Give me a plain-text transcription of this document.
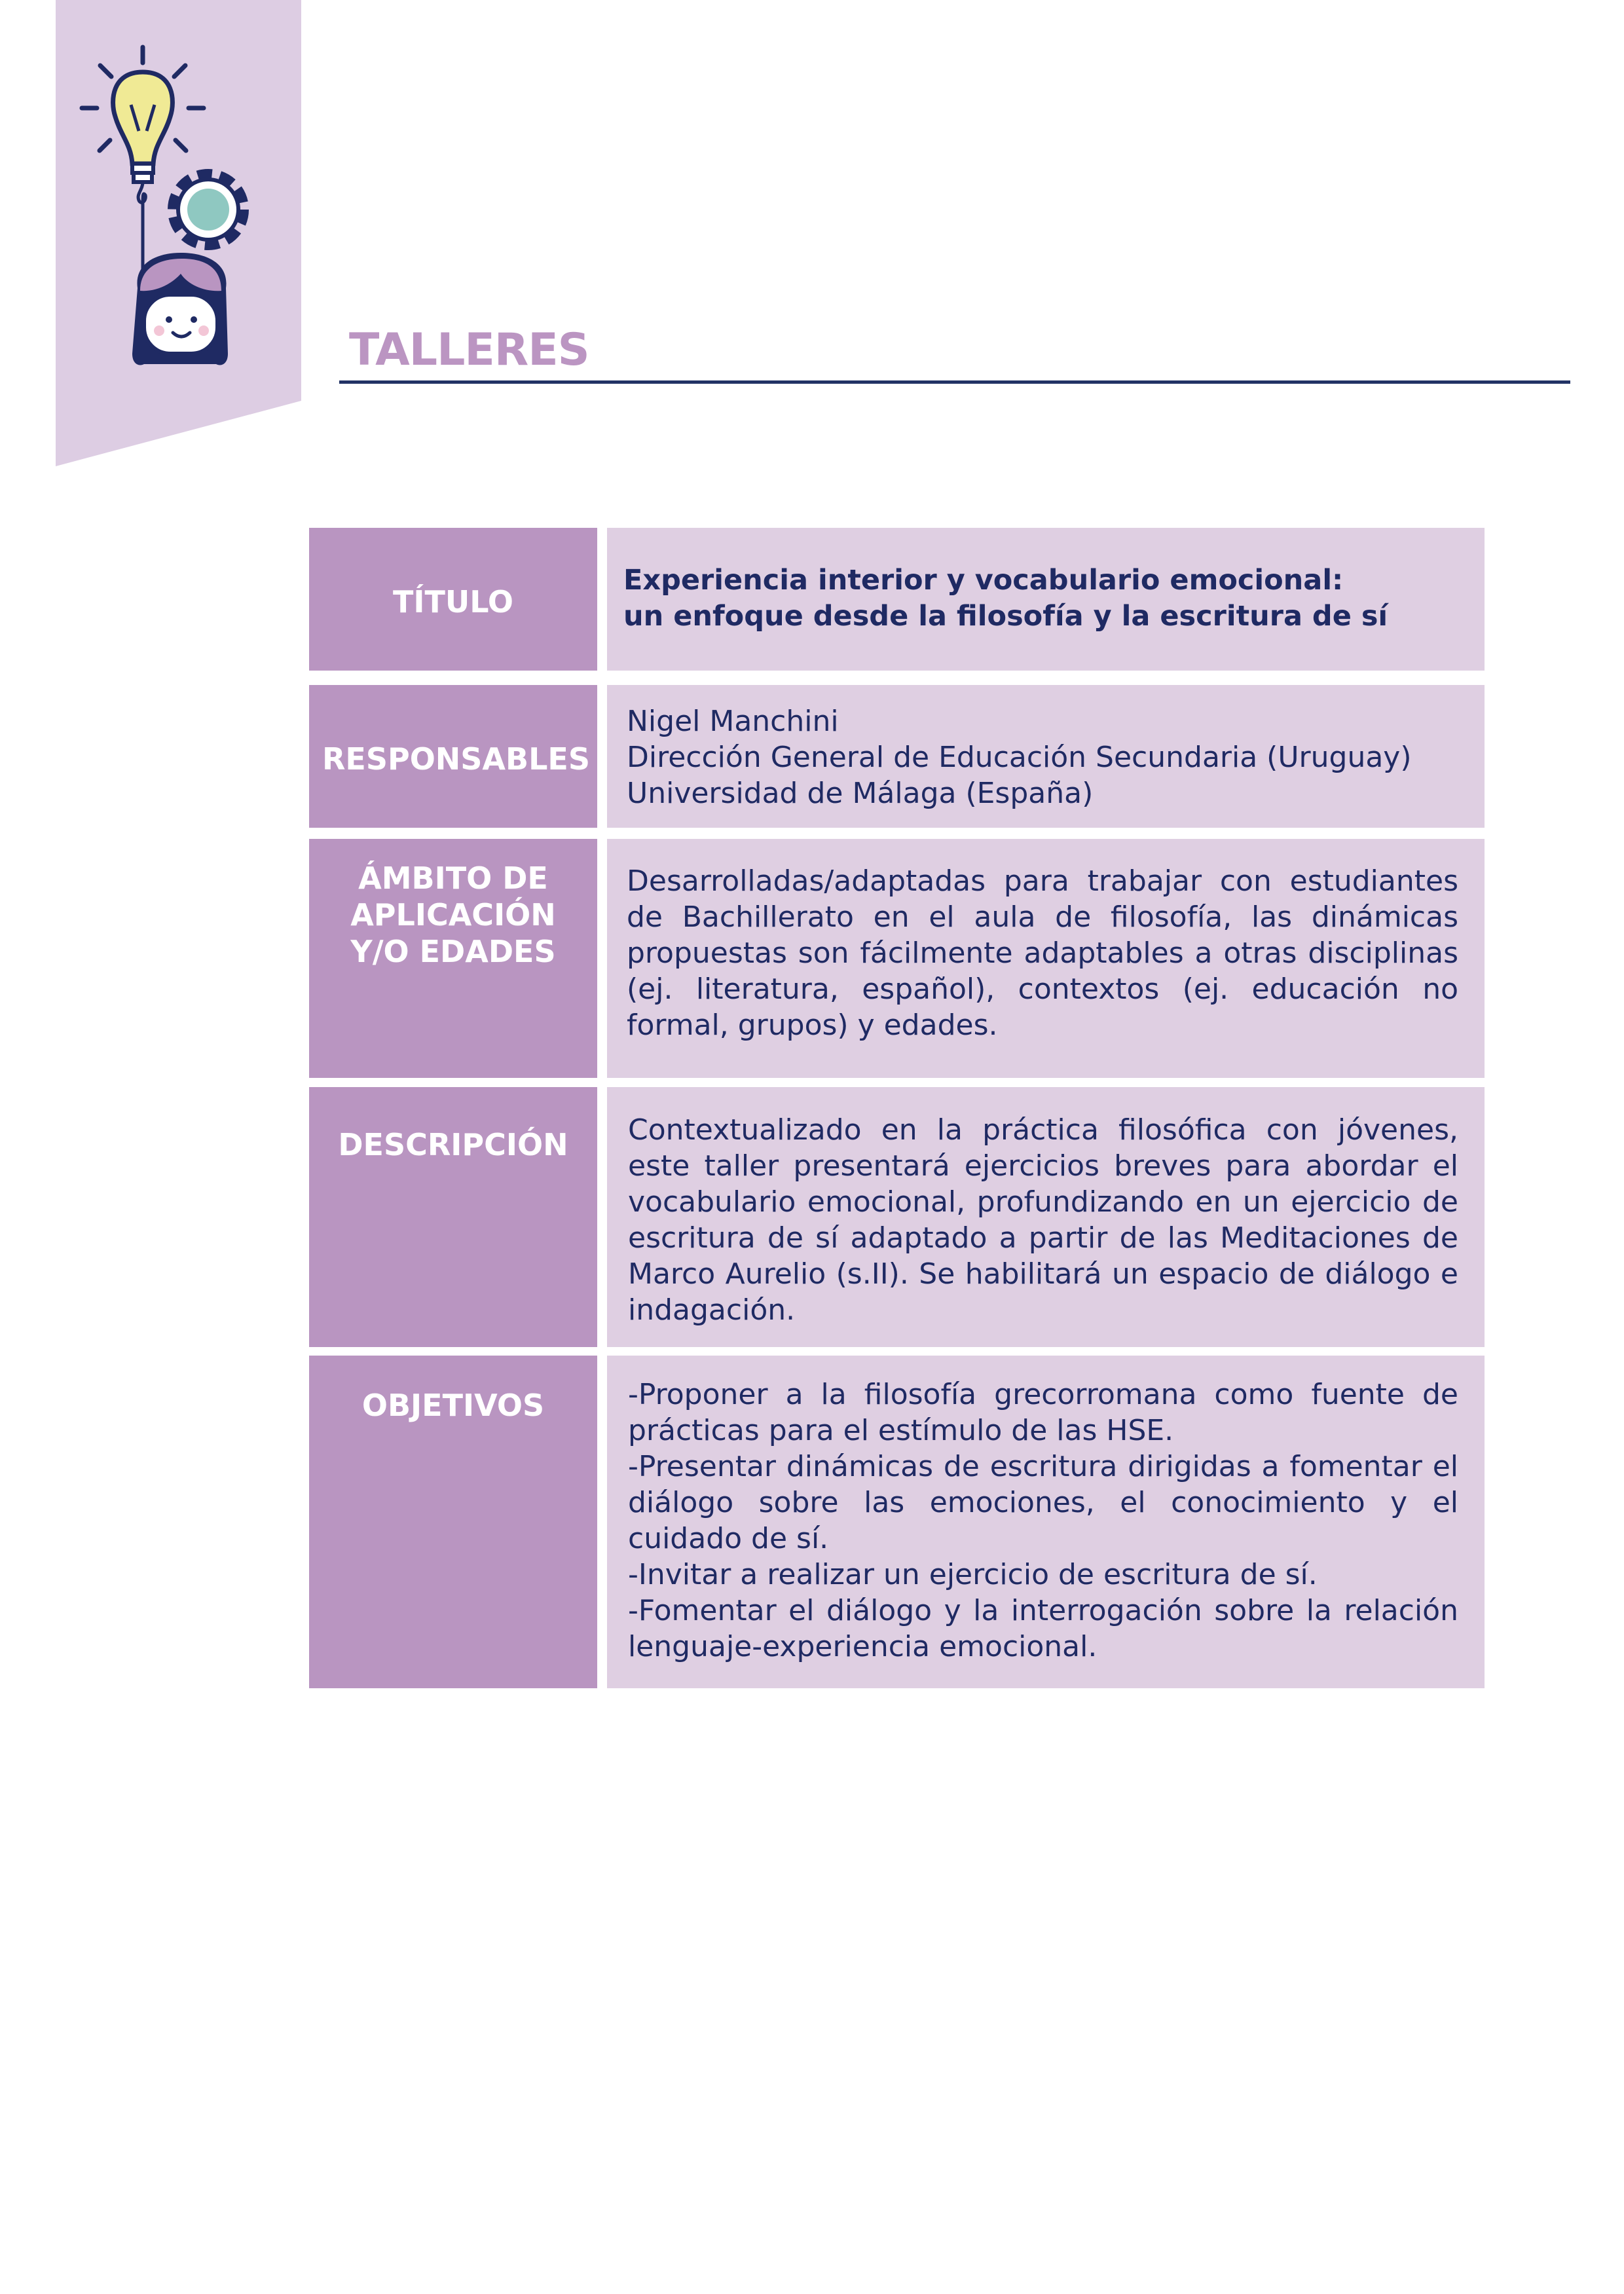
TALLERES
TÍTULO
Experiencia interior y vocabulario emocional:
un enfoque desde la filosofía y la escritura de sí
RESPONSABLES
Nigel Manchini
Dirección General de Educación Secundaria (Uruguay)
Universidad de Málaga (España)
ÁMBITO DE
APLICACIÓN
Y/O EDADES
Desarrolladas/adaptadas para trabajar con estudiantes de Bachillerato en el aula de filosofía, las dinámicas propuestas son fácilmente adaptables a otras disciplinas (ej. literatura, español), contextos (ej. educación no formal, grupos) y edades.
DESCRIPCIÓN	Contextualizado en la práctica filosófica con jóvenes, este taller presentará ejercicios breves para abordar el vocabulario emocional, profundizando en un ejercicio de escritura de sí adaptado a partir de las Meditaciones de Marco Aurelio (s.II). Se habilitará un espacio de diálogo e indagación.
OBJETIVOS	-Proponer a la filosofía grecorromana como fuente de prácticas para el estímulo de las HSE.
-Presentar dinámicas de escritura dirigidas a fomentar el diálogo sobre las emociones, el conocimiento y el cuidado de sí.
-Invitar a realizar un ejercicio de escritura de sí.
-Fomentar el diálogo y la interrogación sobre la relación lenguaje-experiencia emocional.
